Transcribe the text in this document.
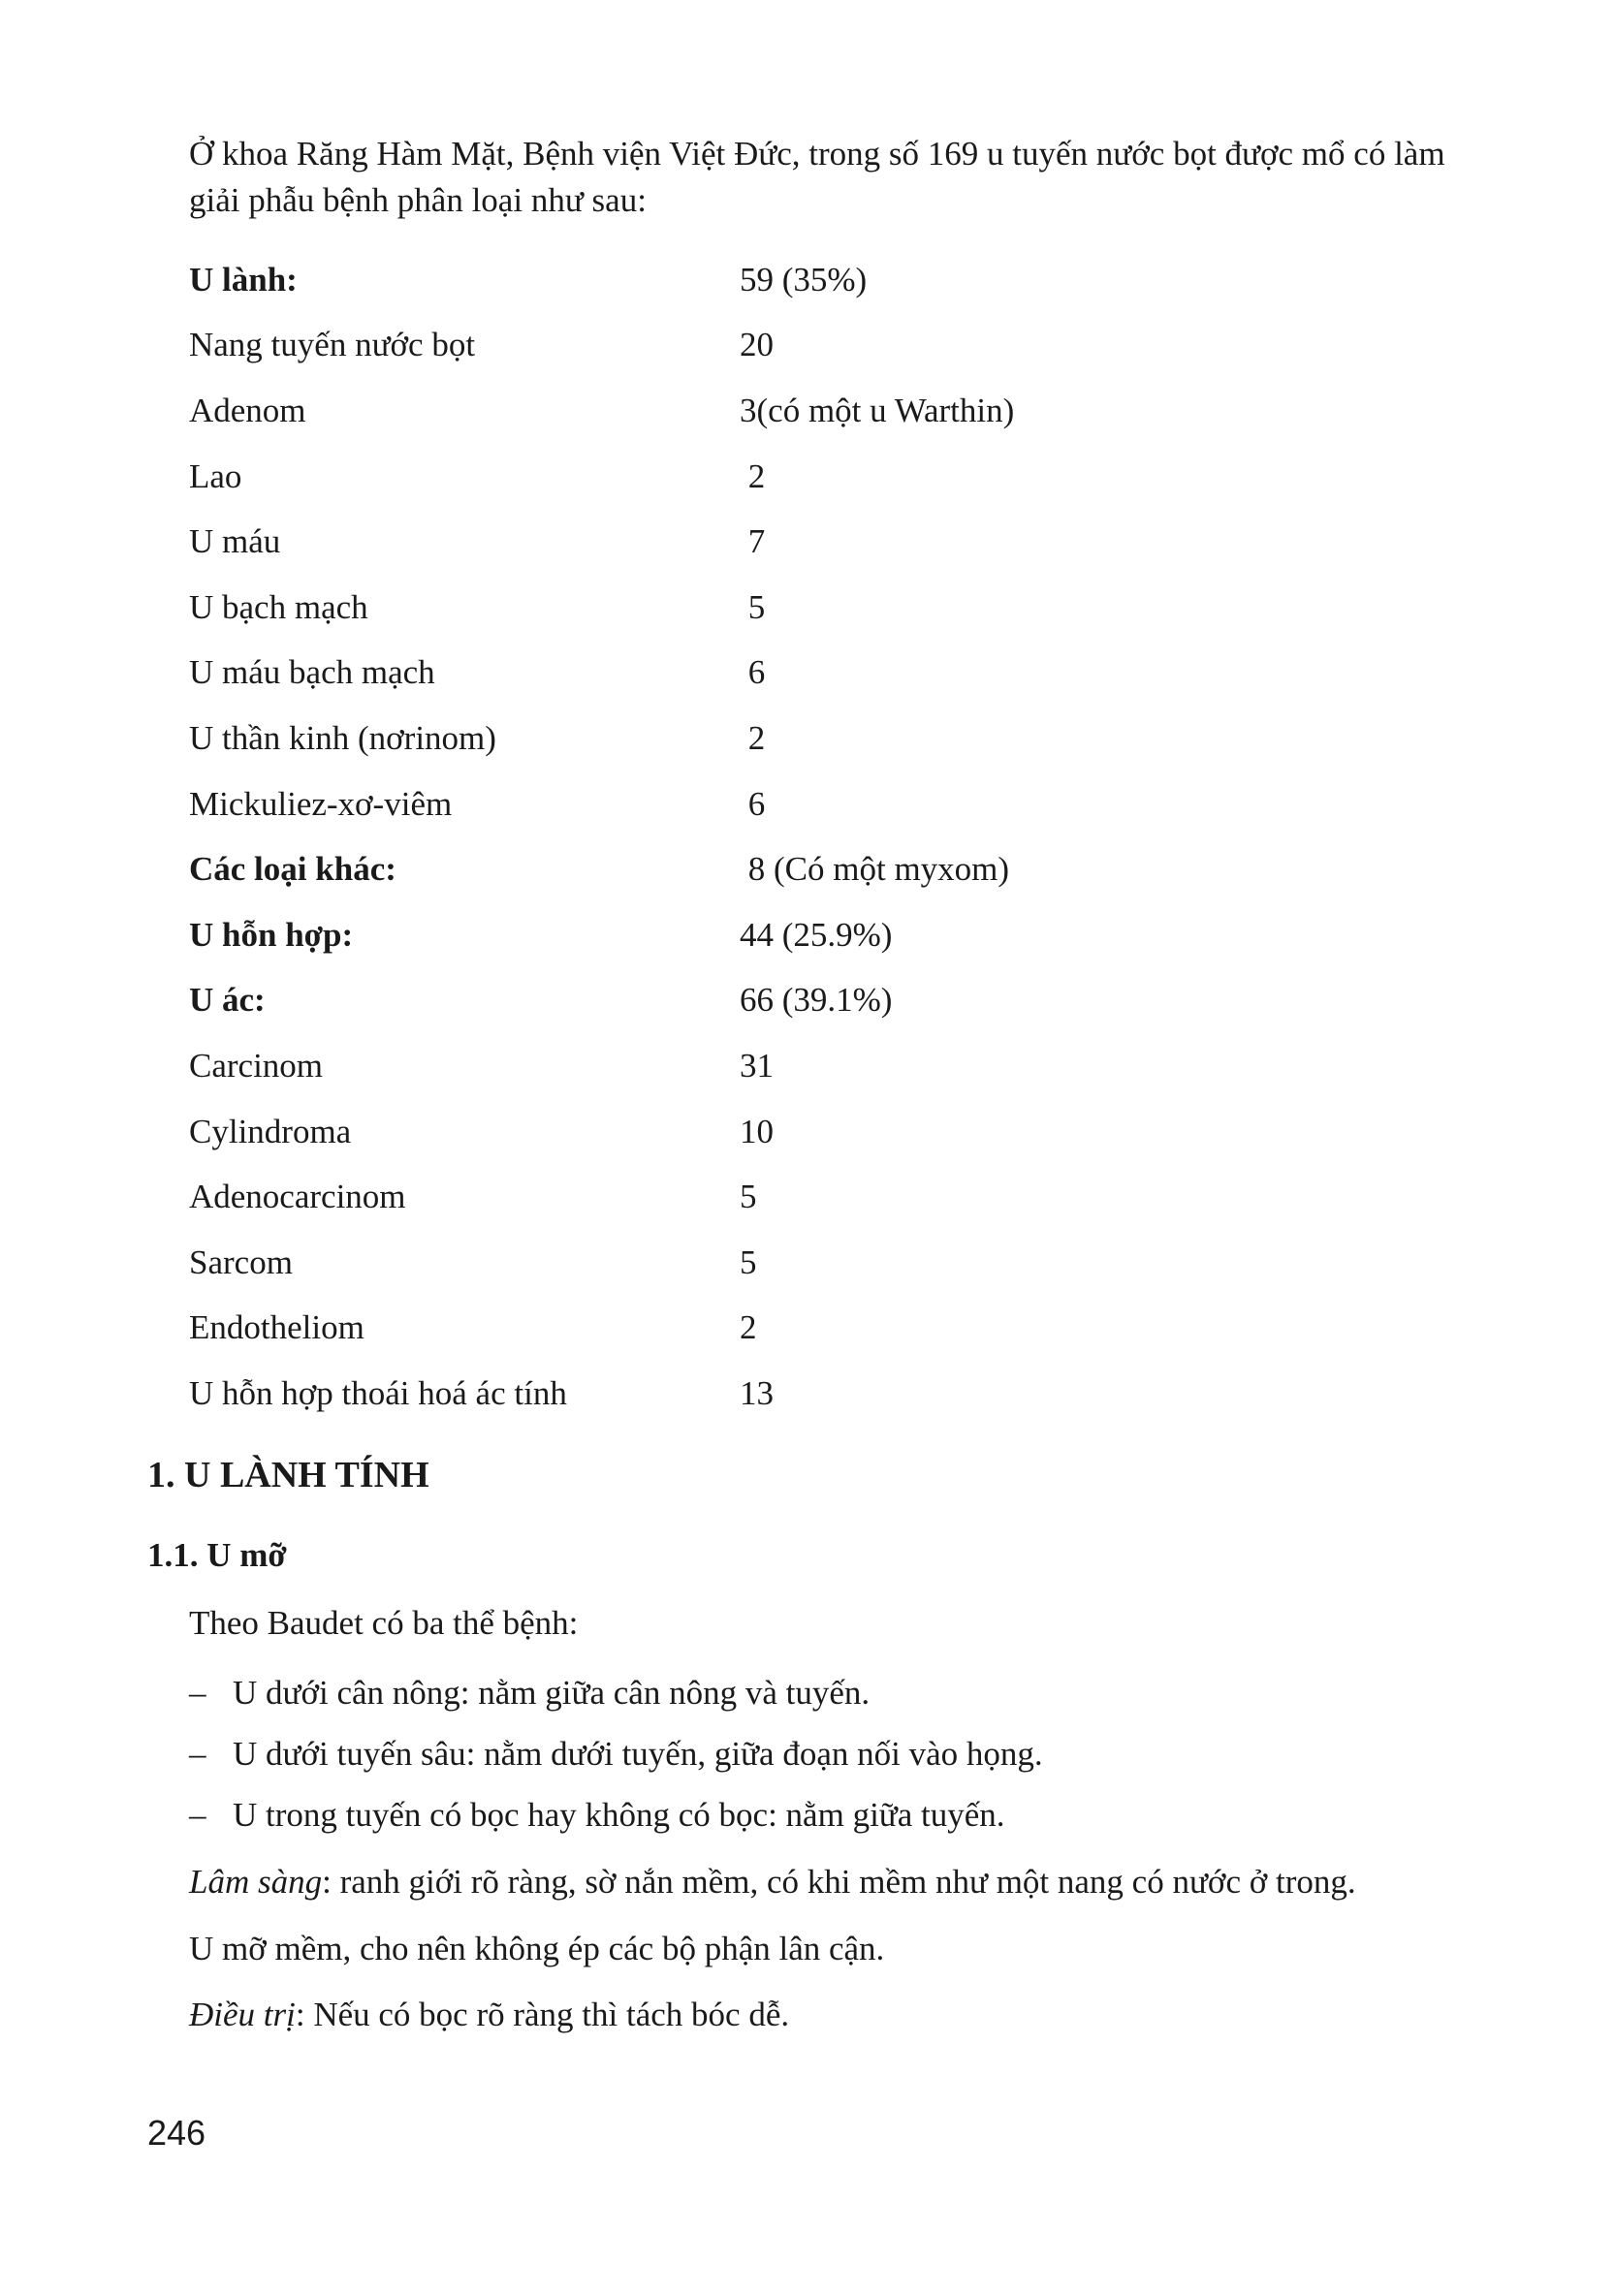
Ở khoa Răng Hàm Mặt, Bệnh viện Việt Đức, trong số 169 u tuyến nước bọt được mổ có làm giải phẫu bệnh phân loại như sau:
U lành:	59 (35%)
Nang tuyến nước bọt	20
Adenom	3(có một u Warthin)
Lao	2
U máu	7
U bạch mạch	5
U máu bạch mạch	6
U thần kinh (nơrinom)	2
Mickuliez-xơ-viêm	6
Các loại khác:	8 (Có một myxom)
U hỗn hợp:	44 (25.9%)
U ác:	66 (39.1%)
Carcinom	31
Cylindroma	10
Adenocarcinom	5
Sarcom	5
Endotheliom	2
U hỗn hợp thoái hoá ác tính	13
1. U LÀNH TÍNH
1.1. U mỡ
Theo Baudet có ba thể bệnh:
– U dưới cân nông: nằm giữa cân nông và tuyến.
– U dưới tuyến sâu: nằm dưới tuyến, giữa đoạn nối vào họng.
– U trong tuyến có bọc hay không có bọc: nằm giữa tuyến.
Lâm sàng: ranh giới rõ ràng, sờ nắn mềm, có khi mềm như một nang có nước ở trong.
U mỡ mềm, cho nên không ép các bộ phận lân cận.
Điều trị: Nếu có bọc rõ ràng thì tách bóc dễ.
246
